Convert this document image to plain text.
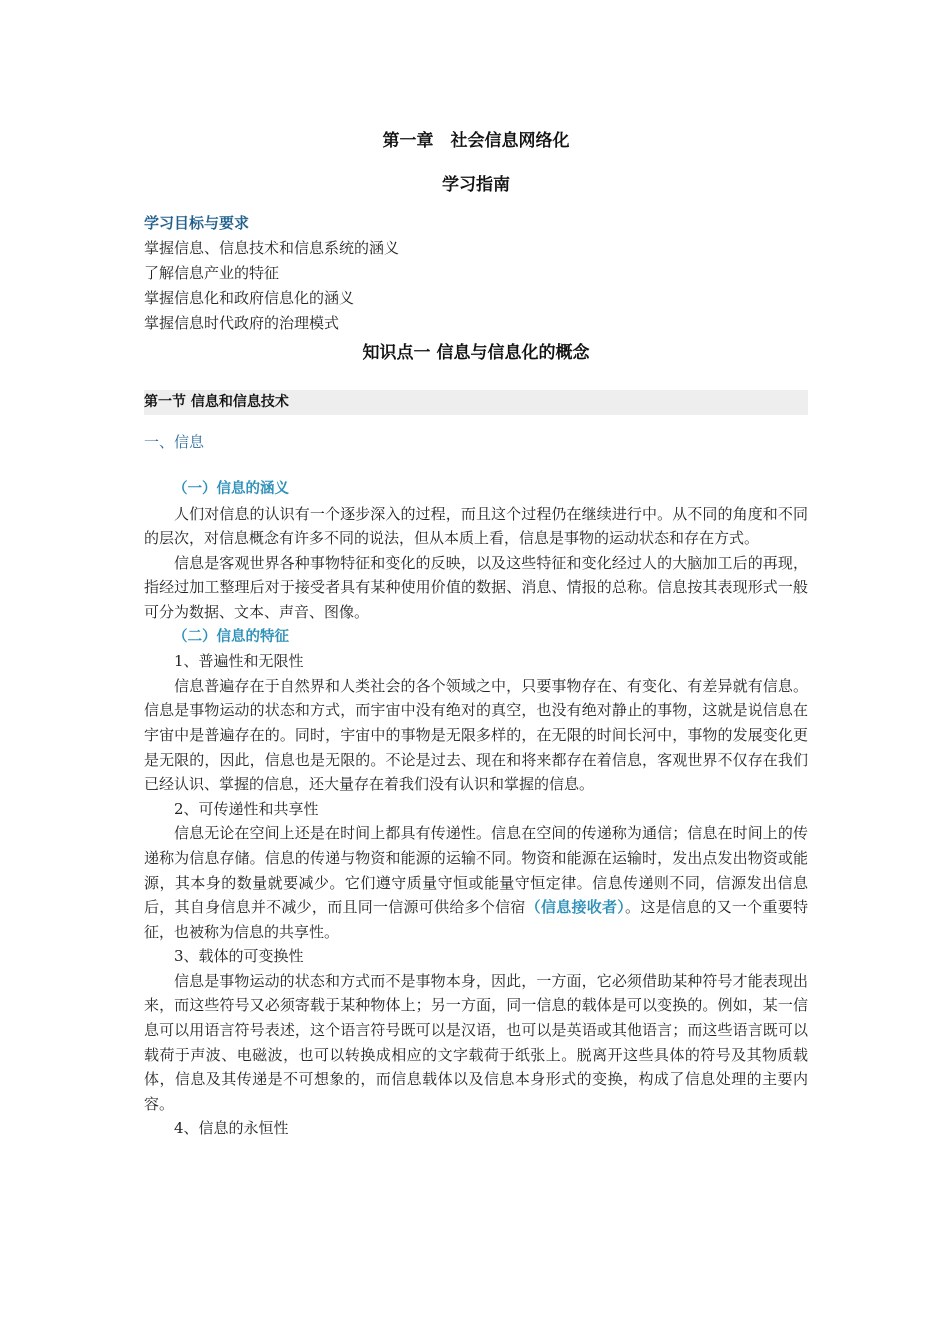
第一章　社会信息网络化
学习指南
学习目标与要求
掌握信息、信息技术和信息系统的涵义
了解信息产业的特征
掌握信息化和政府信息化的涵义
掌握信息时代政府的治理模式
知识点一 信息与信息化的概念
第一节 信息和信息技术
一、信息
（一）信息的涵义

人们对信息的认识有一个逐步深入的过程，而且这个过程仍在继续进行中。从不同的角度和不同的层次，对信息概念有许多不同的说法，但从本质上看，信息是事物的运动状态和存在方式。

信息是客观世界各种事物特征和变化的反映，以及这些特征和变化经过人的大脑加工后的再现，指经过加工整理后对于接受者具有某种使用价值的数据、消息、情报的总称。信息按其表现形式一般可分为数据、文本、声音、图像。

（二）信息的特征
1、普遍性和无限性

信息普遍存在于自然界和人类社会的各个领域之中，只要事物存在、有变化、有差异就有信息。信息是事物运动的状态和方式，而宇宙中没有绝对的真空，也没有绝对静止的事物，这就是说信息在宇宙中是普遍存在的。同时，宇宙中的事物是无限多样的，在无限的时间长河中，事物的发展变化更是无限的，因此，信息也是无限的。不论是过去、现在和将来都存在着信息，客观世界不仅存在我们已经认识、掌握的信息，还大量存在着我们没有认识和掌握的信息。

2、可传递性和共享性

信息无论在空间上还是在时间上都具有传递性。信息在空间的传递称为通信；信息在时间上的传递称为信息存储。信息的传递与物资和能源的运输不同。物资和能源在运输时，发出点发出物资或能源，其本身的数量就要减少。它们遵守质量守恒或能量守恒定律。信息传递则不同，信源发出信息后，其自身信息并不减少，而且同一信源可供给多个信宿（信息接收者）。这是信息的又一个重要特征，也被称为信息的共享性。

3、载体的可变换性

信息是事物运动的状态和方式而不是事物本身，因此，一方面，它必须借助某种符号才能表现出来，而这些符号又必须寄载于某种物体上；另一方面，同一信息的载体是可以变换的。例如，某一信息可以用语言符号表述，这个语言符号既可以是汉语，也可以是英语或其他语言；而这些语言既可以载荷于声波、电磁波，也可以转换成相应的文字载荷于纸张上。脱离开这些具体的符号及其物质载体，信息及其传递是不可想象的，而信息载体以及信息本身形式的变换，构成了信息处理的主要内容。

4、信息的永恒性
